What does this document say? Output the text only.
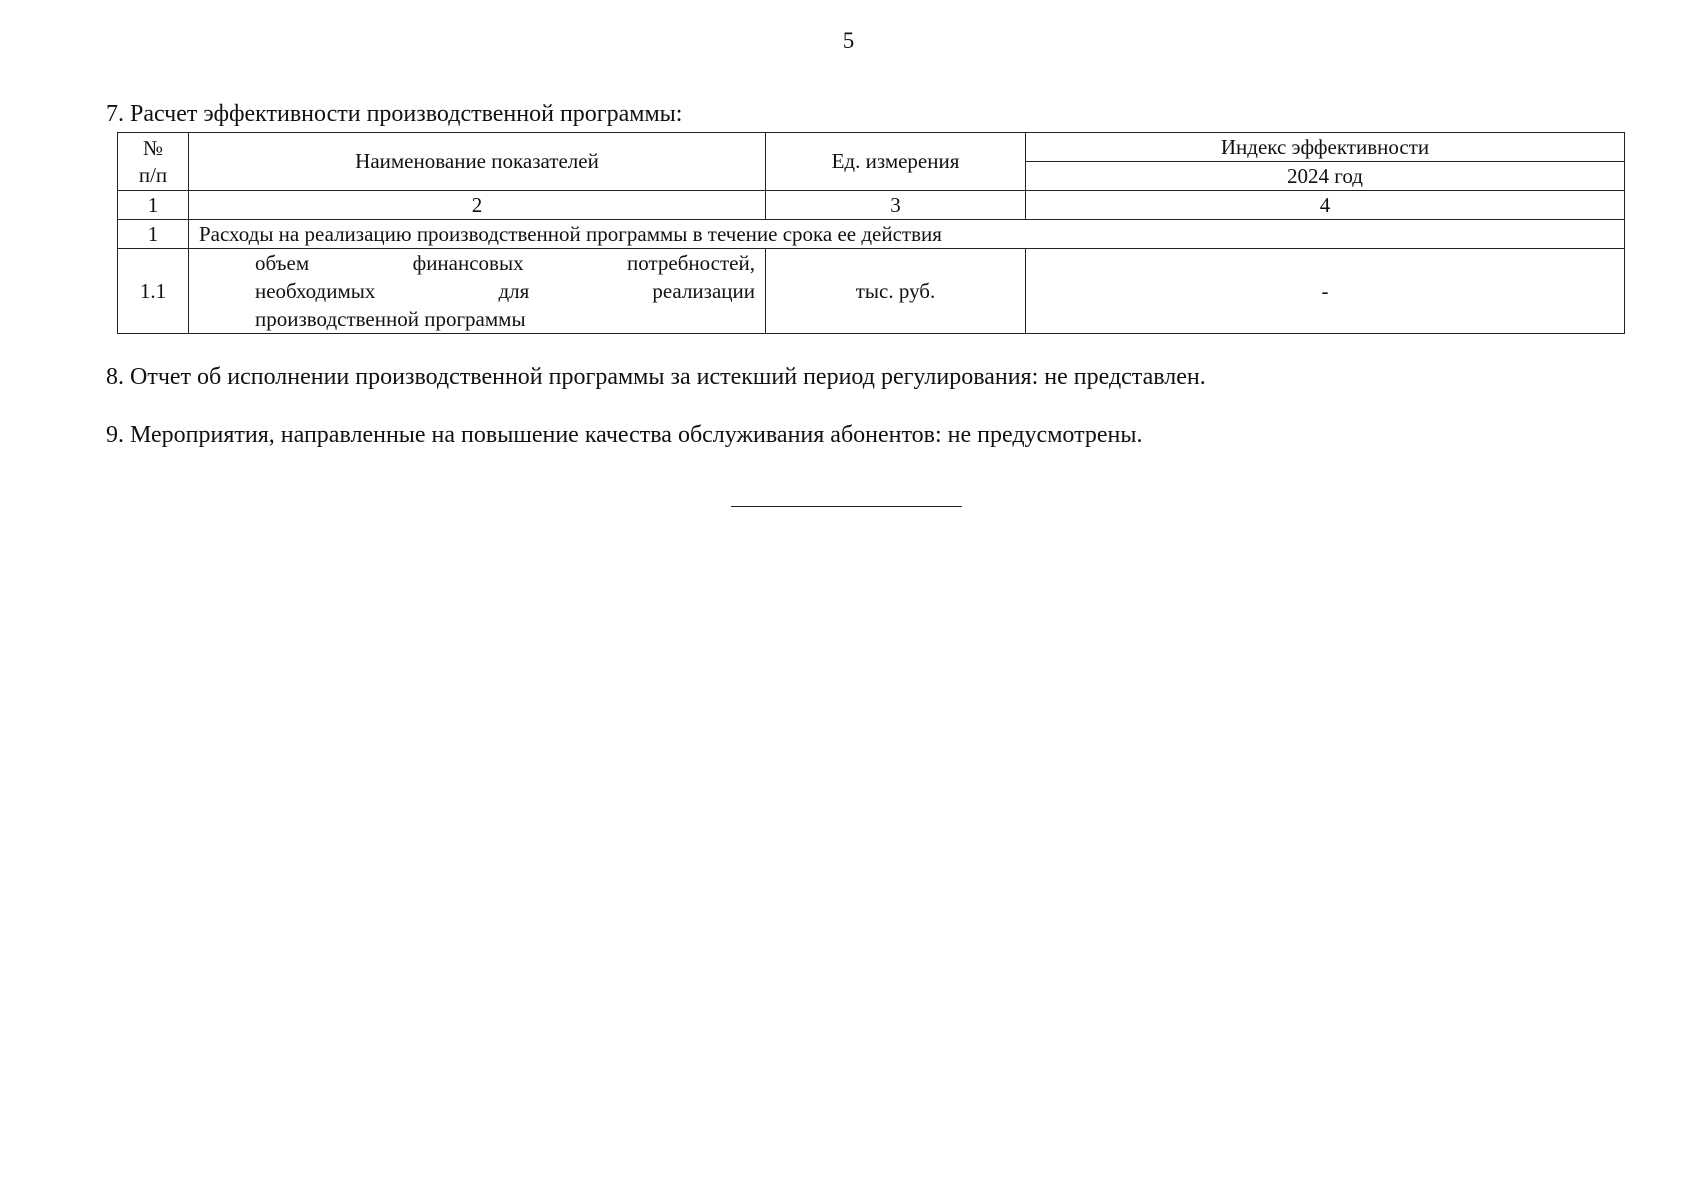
5
7. Расчет эффективности производственной программы:
№
п/п	Наименование показателей	Ед. измерения	Индекс эффективности
			2024 год
1	2	3	4
1	Расходы на реализацию производственной программы в течение срока ее действия		
1.1	объем финансовых потребностей,
необходимых для реализации
производственной программы	тыс. руб.	-
8. Отчет об исполнении производственной программы за истекший период регулирования: не представлен.
9. Мероприятия, направленные на повышение качества обслуживания абонентов: не предусмотрены.
